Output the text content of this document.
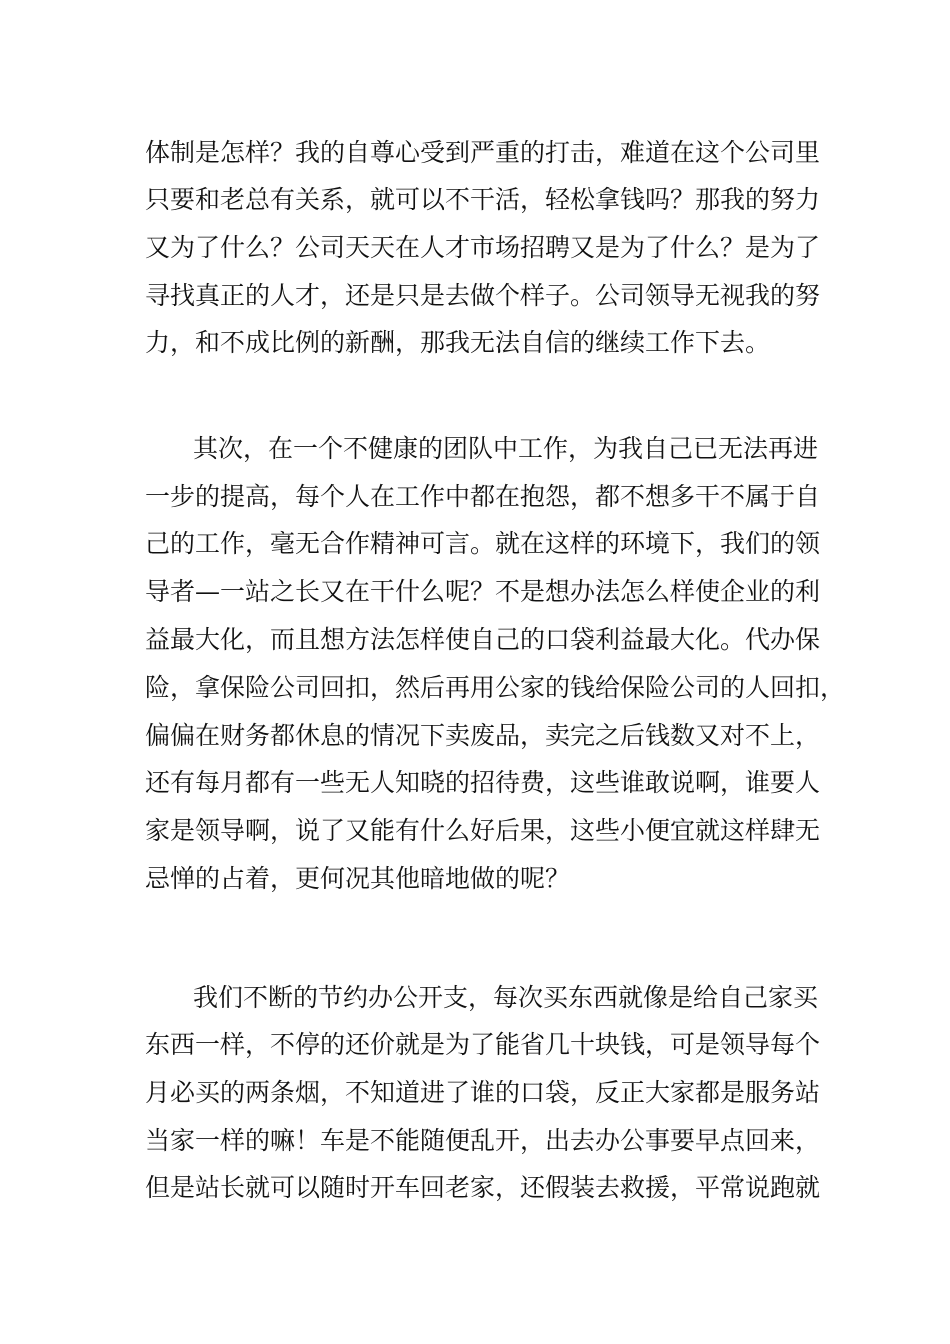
体制是怎样？我的自尊心受到严重的打击，难道在这个公司里
只要和老总有关系，就可以不干活，轻松拿钱吗？那我的努力
又为了什么？公司天天在人才市场招聘又是为了什么？是为了
寻找真正的人才，还是只是去做个样子。公司领导无视我的努
力，和不成比例的新酬，那我无法自信的继续工作下去。
其次，在一个不健康的团队中工作，为我自己已无法再进
一步的提高，每个人在工作中都在抱怨，都不想多干不属于自
己的工作，毫无合作精神可言。就在这样的环境下，我们的领
导者—一站之长又在干什么呢？不是想办法怎么样使企业的利
益最大化，而且想方法怎样使自己的口袋利益最大化。代办保
险，拿保险公司回扣，然后再用公家的钱给保险公司的人回扣，
偏偏在财务都休息的情况下卖废品，卖完之后钱数又对不上，
还有每月都有一些无人知晓的招待费，这些谁敢说啊，谁要人
家是领导啊，说了又能有什么好后果，这些小便宜就这样肆无
忌惮的占着，更何况其他暗地做的呢？
我们不断的节约办公开支，每次买东西就像是给自己家买
东西一样，不停的还价就是为了能省几十块钱，可是领导每个
月必买的两条烟，不知道进了谁的口袋，反正大家都是服务站
当家一样的嘛！车是不能随便乱开，出去办公事要早点回来，
但是站长就可以随时开车回老家，还假装去救援，平常说跑就
